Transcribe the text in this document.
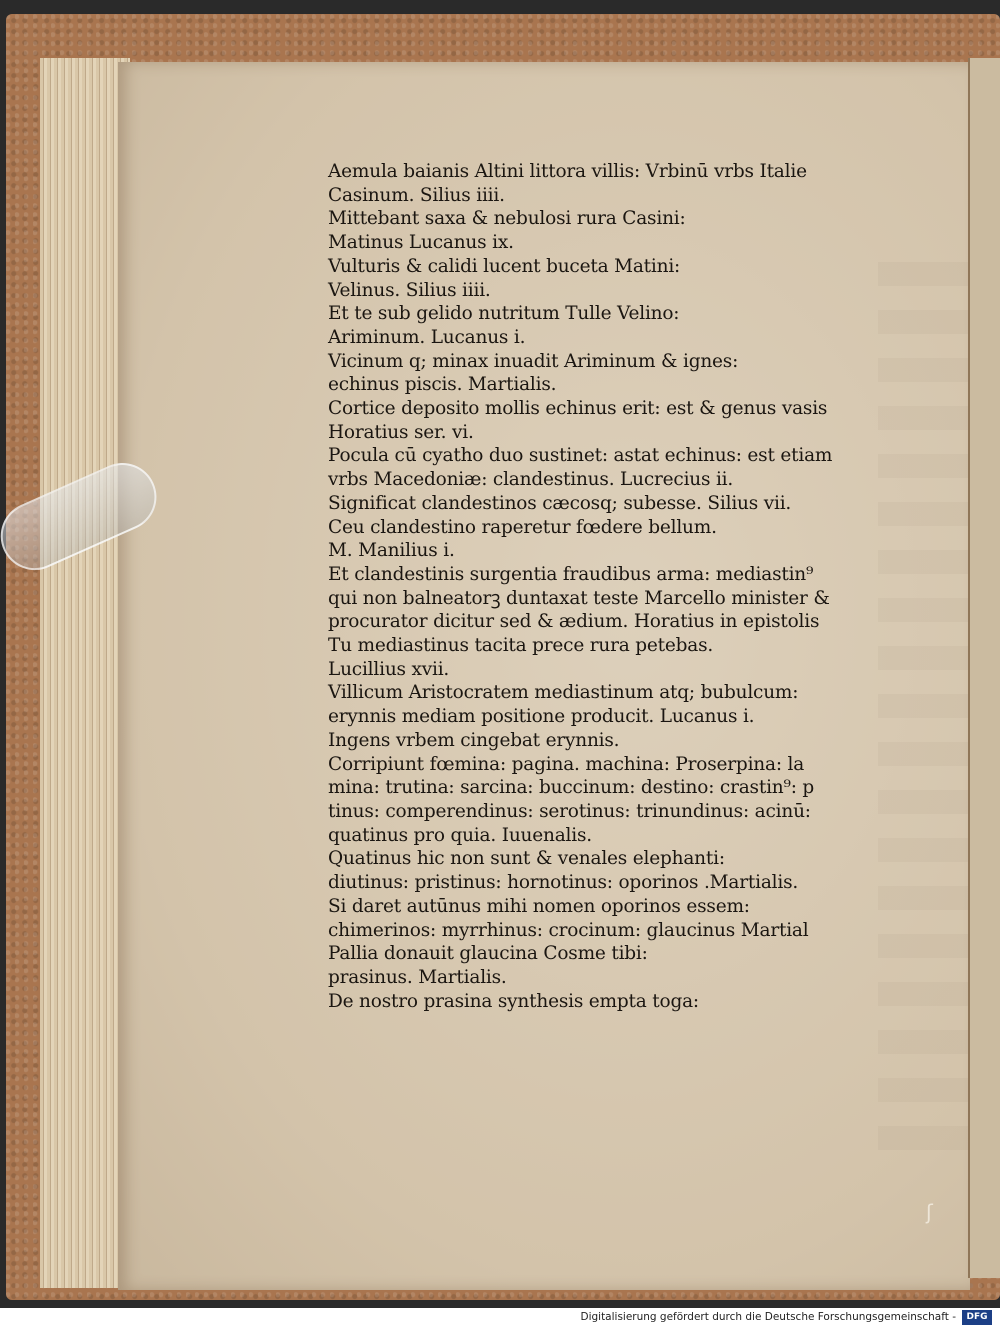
Aemula baianis Altini littora villis: Vrbinū vrbs Italie
Casinum. Silius iiii.
Mittebant saxa & nebulosi rura Casini:
Matinus Lucanus ix.
Vulturis & calidi lucent buceta Matini:
Velinus. Silius iiii.
Et te sub gelido nutritum Tulle Velino:
Ariminum. Lucanus i.
Vicinum q; minax inuadit Ariminum & ignes:
echinus piscis. Martialis.
Cortice deposito mollis echinus erit: est & genus vasis
Horatius ser. vi.
Pocula cū cyatho duo sustinet: astat echinus: est etiam
vrbs Macedoniæ: clandestinus. Lucrecius ii.
Significat clandestinos cæcosq; subesse. Silius vii.
Ceu clandestino raperetur fœdere bellum.
M. Manilius i.
Et clandestinis surgentia fraudibus arma: mediastin⁹
qui non balneatorꝫ duntaxat teste Marcello minister &
procurator dicitur sed & ædium. Horatius in epistolis
Tu mediastinus tacita prece rura petebas.
Lucillius xvii.
Villicum Aristocratem mediastinum atq; bubulcum:
erynnis mediam positione producit. Lucanus i.
Ingens vrbem cingebat erynnis.
Corripiunt fœmina: pagina. machina: Proserpina: la
mina: trutina: sarcina: buccinum: destino: crastin⁹: p
tinus: comperendinus: serotinus: trinundinus: acinū:
quatinus pro quia. Iuuenalis.
Quatinus hic non sunt & venales elephanti:
diutinus: pristinus: hornotinus: oporinos .Martialis.
Si daret autūnus mihi nomen oporinos essem:
chimerinos: myrrhinus: crocinum: glaucinus Martial
Pallia donauit glaucina Cosme tibi:
prasinus. Martialis.
De nostro prasina synthesis empta toga:
ʃ
Digitalisierung gefördert durch die Deutsche Forschungsgemeinschaft -	DFG
